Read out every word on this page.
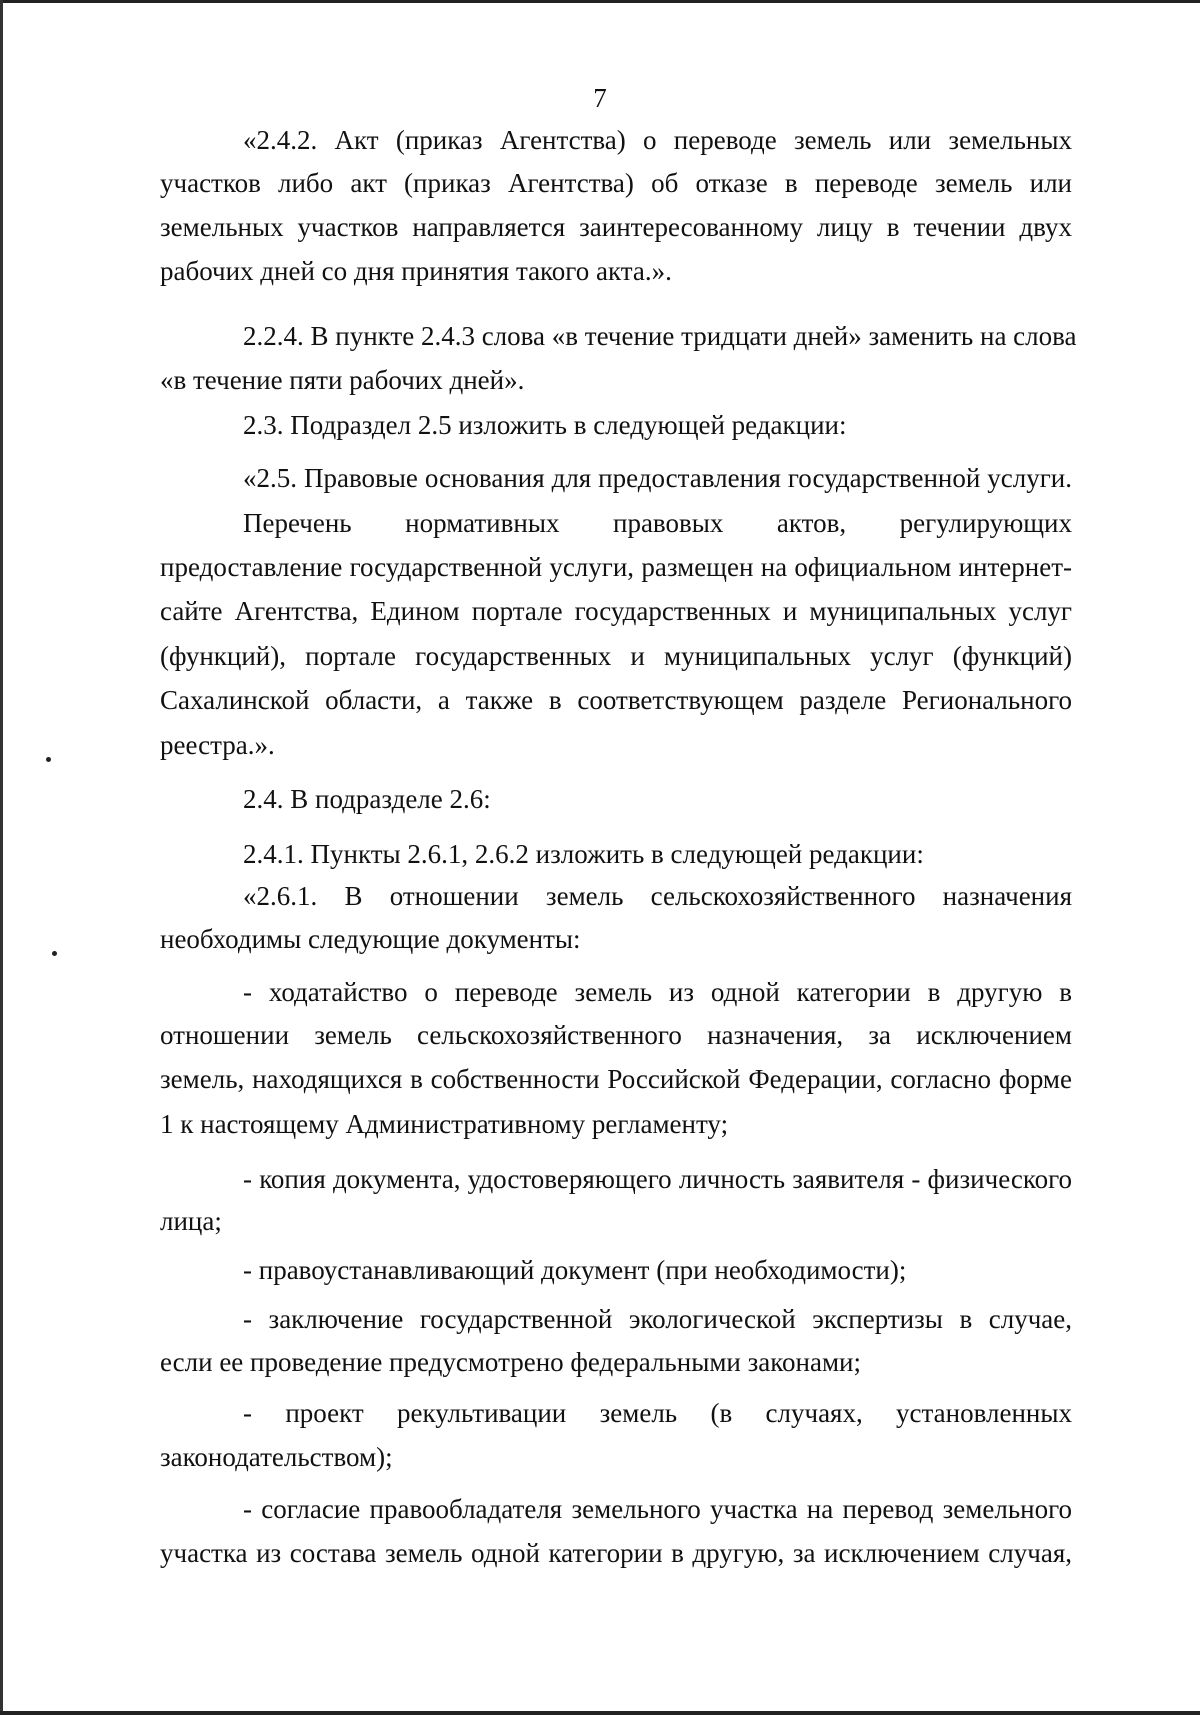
7
«2.4.2. Акт (приказ Агентства) о переводе земель или земельных
участков либо акт (приказ Агентства) об отказе в переводе земель или
земельных участков направляется заинтересованному лицу в течении двух
рабочих дней со дня принятия такого акта.».
2.2.4. В пункте 2.4.3 слова «в течение тридцати дней» заменить на слова
«в течение пяти рабочих дней».
2.3. Подраздел 2.5 изложить в следующей редакции:
«2.5. Правовые основания для предоставления государственной услуги.
Перечень нормативных правовых актов, регулирующих
предоставление государственной услуги, размещен на официальном интернет-
сайте Агентства, Едином портале государственных и муниципальных услуг
(функций), портале государственных и муниципальных услуг (функций)
Сахалинской области, а также в соответствующем разделе Регионального
реестра.».
2.4. В подразделе 2.6:
2.4.1. Пункты 2.6.1, 2.6.2 изложить в следующей редакции:
«2.6.1. В отношении земель сельскохозяйственного назначения
необходимы следующие документы:
- ходатайство о переводе земель из одной категории в другую в
отношении земель сельскохозяйственного назначения, за исключением
земель, находящихся в собственности Российской Федерации, согласно форме
1 к настоящему Административному регламенту;
- копия документа, удостоверяющего личность заявителя - физического
лица;
- правоустанавливающий документ (при необходимости);
- заключение государственной экологической экспертизы в случае,
если ее проведение предусмотрено федеральными законами;
- проект рекультивации земель (в случаях, установленных
законодательством);
- согласие правообладателя земельного участка на перевод земельного
участка из состава земель одной категории в другую, за исключением случая,
